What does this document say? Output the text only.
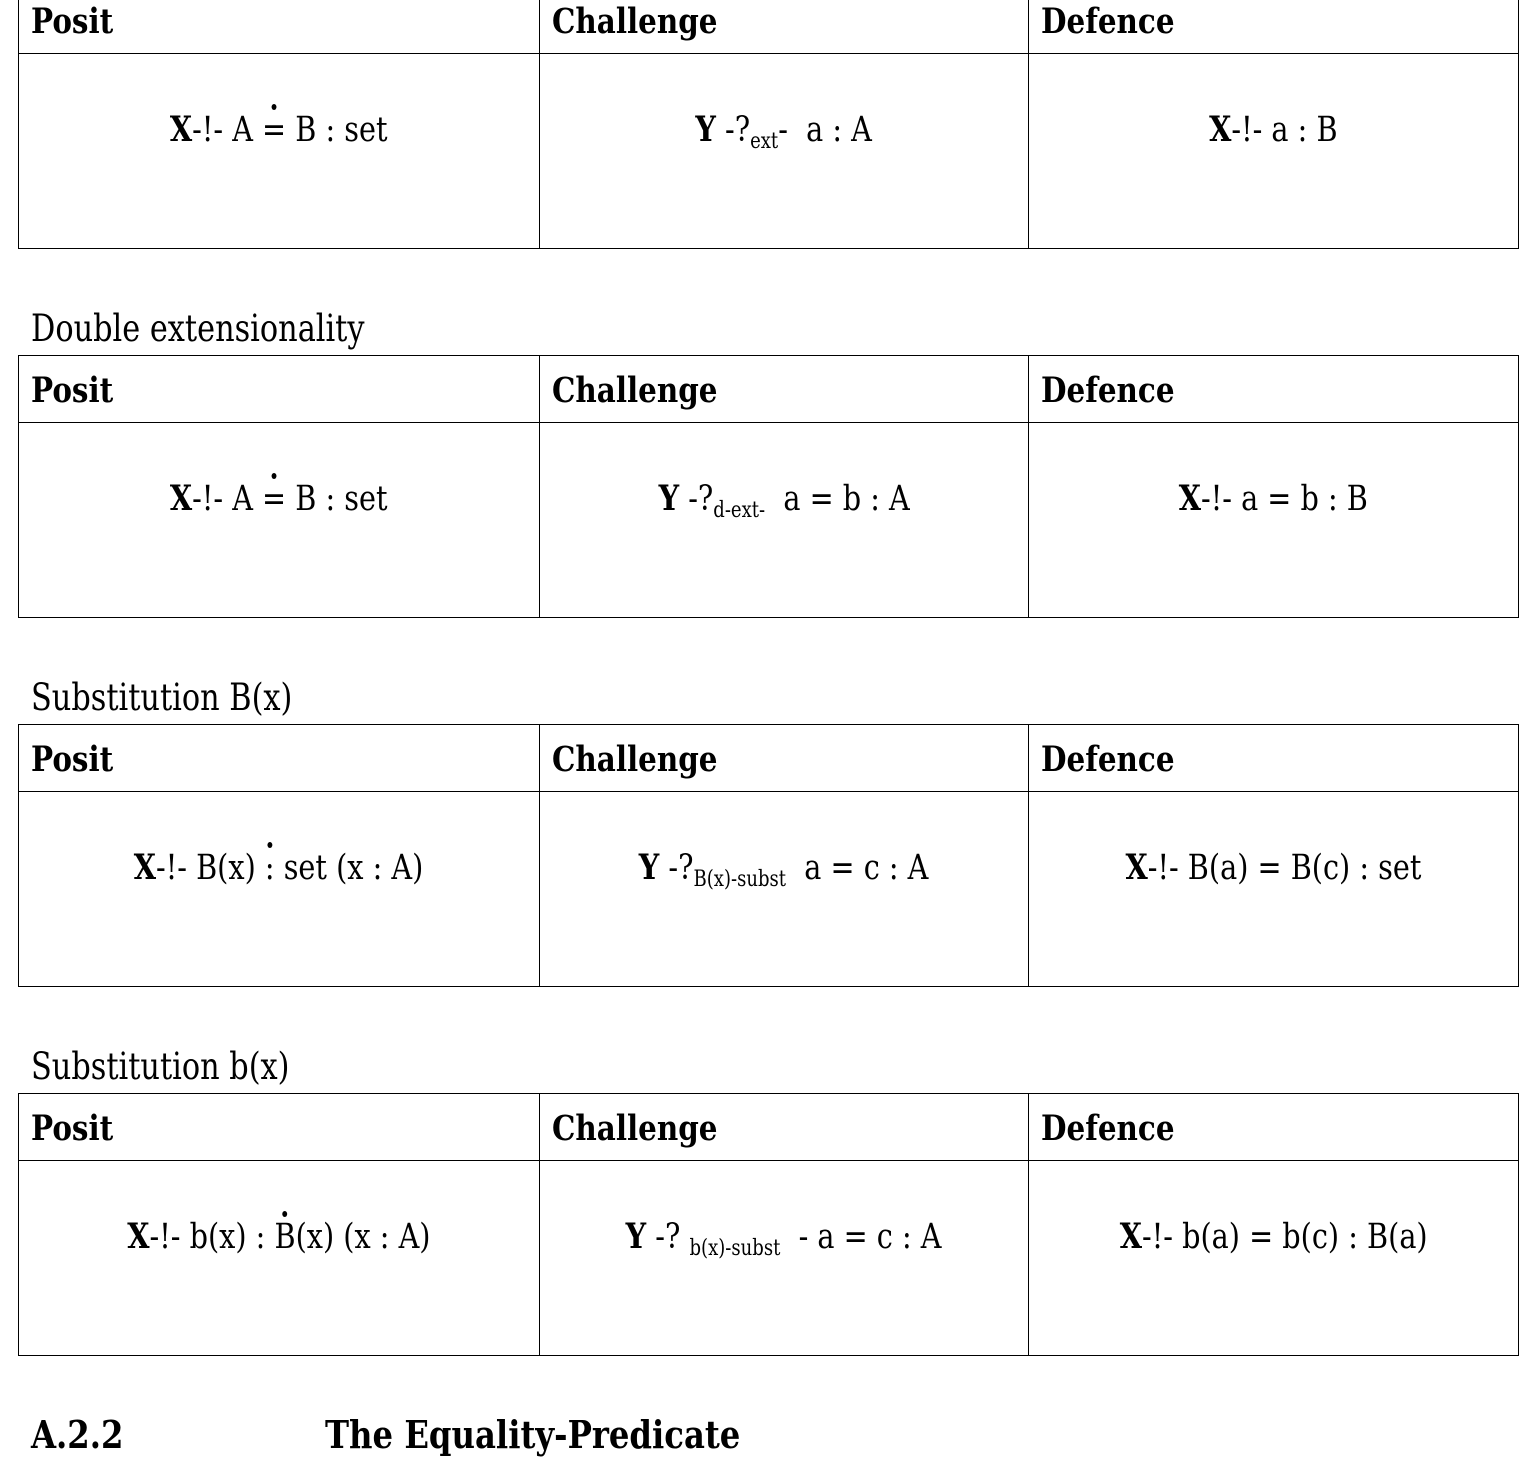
Posit	Challenge	Defence
X-!- A = B : set	Y $-?_{ext}-$  a : A	X-!- a : B
Double extensionality
Posit	Challenge	Defence
X-!- A = B : set	Y $-?_{d-ext-}$  a = b : A	X-!- a = b : B
Substitution B(x)
Posit	Challenge	Defence
X-!- B(x) : set (x : A)	Y $-?_{B(x)-subst}$  a = c : A	X-!- B(a) = B(c) : set
Substitution b(x)
Posit	Challenge	Defence
X-!- b(x) : B(x) (x : A)	Y -? $_{b(x)-subst}$  - a = c : A	X-!- b(a) = b(c) : B(a)
A.2.2	The Equality-Predicate
